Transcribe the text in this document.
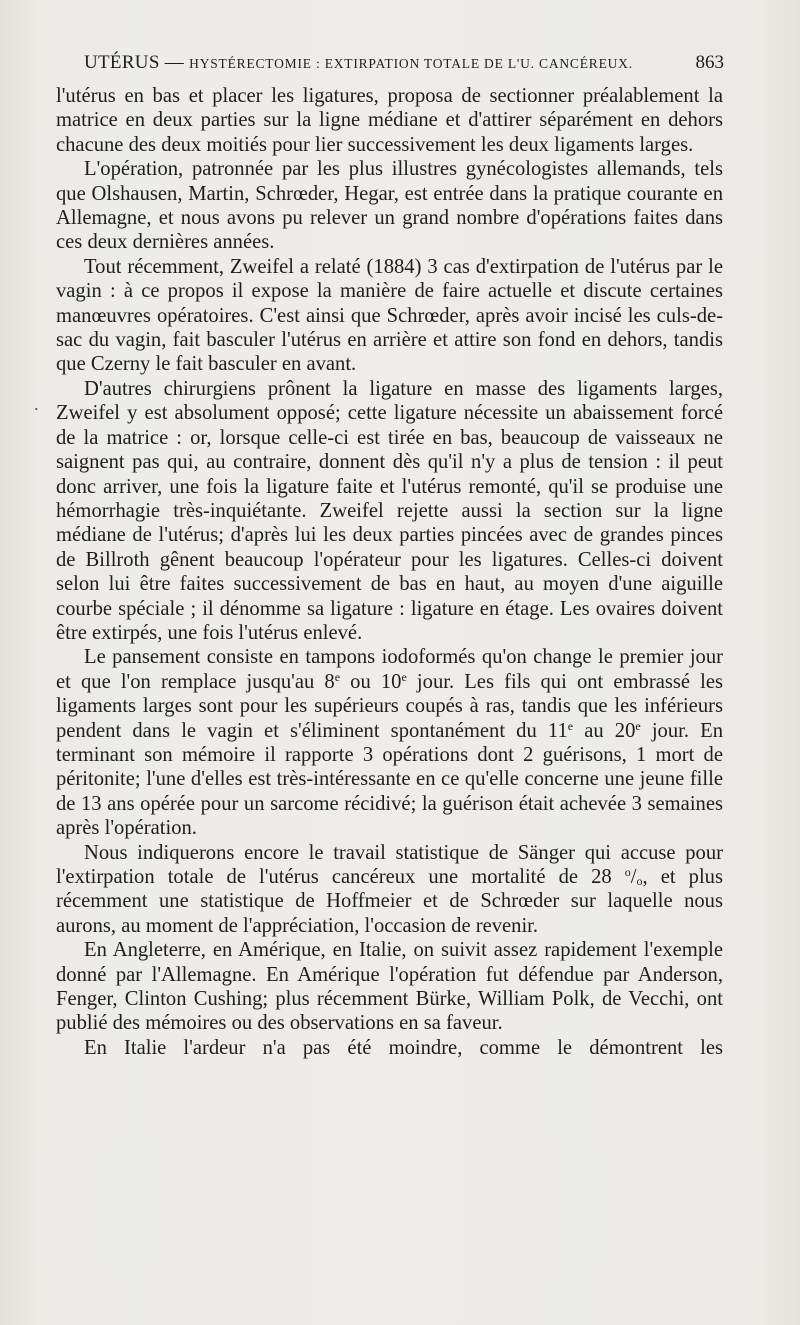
UTÉRUS — HYSTÉRECTOMIE : EXTIRPATION TOTALE DE L'U. CANCÉREUX.	863
.

l'utérus en bas et placer les ligatures, proposa de sectionner préalablement la matrice en deux parties sur la ligne médiane et d'attirer séparément en dehors chacune des deux moitiés pour lier successivement les deux ligaments larges.

L'opération, patronnée par les plus illustres gynécologistes allemands, tels que Olshausen, Martin, Schrœder, Hegar, est entrée dans la pratique courante en Allemagne, et nous avons pu relever un grand nombre d'opérations faites dans ces deux dernières années.

Tout récemment, Zweifel a relaté (1884) 3 cas d'extirpation de l'utérus par le vagin : à ce propos il expose la manière de faire actuelle et discute certaines manœuvres opératoires. C'est ainsi que Schrœder, après avoir incisé les culs-de-sac du vagin, fait basculer l'utérus en arrière et attire son fond en dehors, tandis que Czerny le fait basculer en avant.

D'autres chirurgiens prônent la ligature en masse des ligaments larges, Zweifel y est absolument opposé; cette ligature nécessite un abaissement forcé de la matrice : or, lorsque celle-ci est tirée en bas, beaucoup de vaisseaux ne saignent pas qui, au contraire, donnent dès qu'il n'y a plus de tension : il peut donc arriver, une fois la ligature faite et l'utérus remonté, qu'il se produise une hémorrhagie très-inquiétante. Zweifel rejette aussi la section sur la ligne médiane de l'utérus; d'après lui les deux parties pincées avec de grandes pinces de Billroth gênent beaucoup l'opérateur pour les ligatures. Celles-ci doivent selon lui être faites successivement de bas en haut, au moyen d'une aiguille courbe spéciale ; il dénomme sa ligature : ligature en étage. Les ovaires doivent être extirpés, une fois l'utérus enlevé.

Le pansement consiste en tampons iodoformés qu'on change le premier jour et que l'on remplace jusqu'au 8e ou 10e jour. Les fils qui ont embrassé les ligaments larges sont pour les supérieurs coupés à ras, tandis que les inférieurs pendent dans le vagin et s'éliminent spontanément du 11e au 20e jour. En terminant son mémoire il rapporte 3 opérations dont 2 guérisons, 1 mort de péritonite; l'une d'elles est très-intéressante en ce qu'elle concerne une jeune fille de 13 ans opérée pour un sarcome récidivé; la guérison était achevée 3 semaines après l'opération.

Nous indiquerons encore le travail statistique de Sänger qui accuse pour l'extirpation totale de l'utérus cancéreux une mortalité de 28 $^o/_o$, et plus récemment une statistique de Hoffmeier et de Schrœder sur laquelle nous aurons, au moment de l'appréciation, l'occasion de revenir.

En Angleterre, en Amérique, en Italie, on suivit assez rapidement l'exemple donné par l'Allemagne. En Amérique l'opération fut défendue par Anderson, Fenger, Clinton Cushing; plus récemment Bürke, William Polk, de Vecchi, ont publié des mémoires ou des observations en sa faveur.

En Italie l'ardeur n'a pas été moindre, comme le démontrent les
